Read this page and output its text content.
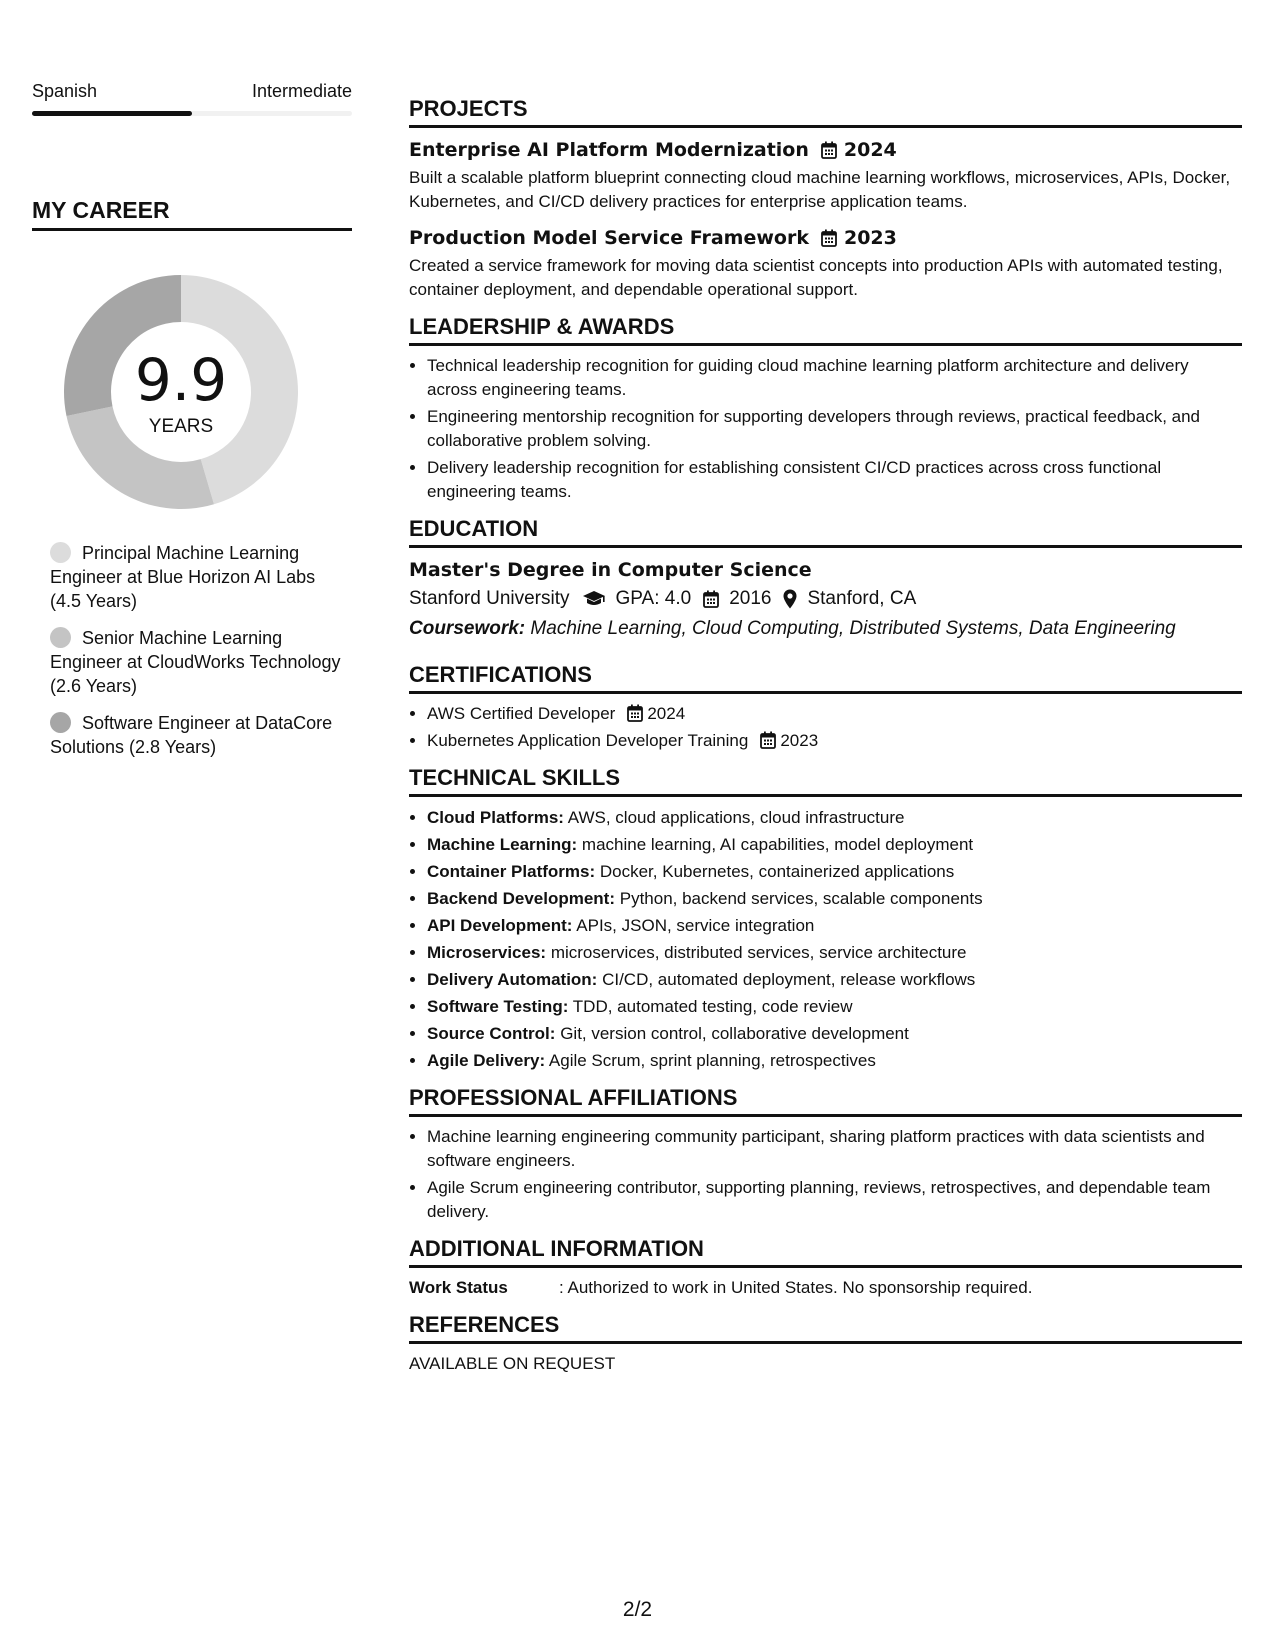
Spanish	Intermediate
MY CAREER
9.9
YEARS
Principal Machine Learning Engineer at Blue Horizon AI Labs (4.5 Years)
Senior Machine Learning Engineer at CloudWorks Technology (2.6 Years)
Software Engineer at DataCore Solutions (2.8 Years)
PROJECTS
Enterprise AI Platform Modernization 2024
Built a scalable platform blueprint connecting cloud machine learning workflows, microservices, APIs, Docker, Kubernetes, and CI/CD delivery practices for enterprise application teams.
Production Model Service Framework 2023
Created a service framework for moving data scientist concepts into production APIs with automated testing, container deployment, and dependable operational support.
LEADERSHIP & AWARDS
• Technical leadership recognition for guiding cloud machine learning platform architecture and delivery across engineering teams.
• Engineering mentorship recognition for supporting developers through reviews, practical feedback, and collaborative problem solving.
• Delivery leadership recognition for establishing consistent CI/CD practices across cross functional engineering teams.
EDUCATION
Master's Degree in Computer Science
Stanford University GPA: 4.0 2016 Stanford, CA
Coursework: Machine Learning, Cloud Computing, Distributed Systems, Data Engineering
CERTIFICATIONS
• AWS Certified Developer 2024
• Kubernetes Application Developer Training 2023
TECHNICAL SKILLS
• Cloud Platforms: AWS, cloud applications, cloud infrastructure
• Machine Learning: machine learning, AI capabilities, model deployment
• Container Platforms: Docker, Kubernetes, containerized applications
• Backend Development: Python, backend services, scalable components
• API Development: APIs, JSON, service integration
• Microservices: microservices, distributed services, service architecture
• Delivery Automation: CI/CD, automated deployment, release workflows
• Software Testing: TDD, automated testing, code review
• Source Control: Git, version control, collaborative development
• Agile Delivery: Agile Scrum, sprint planning, retrospectives
PROFESSIONAL AFFILIATIONS
• Machine learning engineering community participant, sharing platform practices with data scientists and software engineers.
• Agile Scrum engineering contributor, supporting planning, reviews, retrospectives, and dependable team delivery.
ADDITIONAL INFORMATION
Work Status	: Authorized to work in United States. No sponsorship required.
REFERENCES
AVAILABLE ON REQUEST
2/2
